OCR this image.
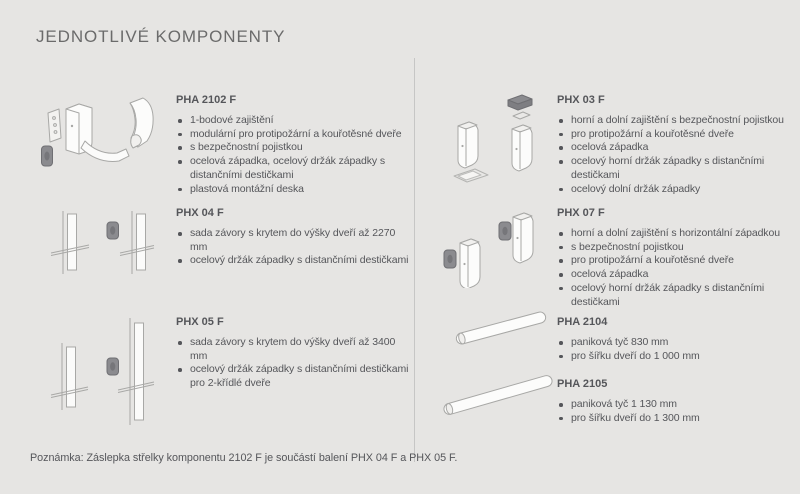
JEDNOTLIVÉ KOMPONENTY
PHA 2102 F
1-bodové zajištění
modulární pro protipožární a kouřotěsné dveře
s bezpečnostní pojistkou
ocelová západka, ocelový držák západky s distančními destičkami
plastová montážní deska
PHX 04 F
sada závory s krytem do výšky dveří až 2270 mm
ocelový držák západky s distančními destičkami
PHX 05 F
sada závory s krytem do výšky dveří až 3400 mm
ocelový držák západky s distančními destičkami pro 2-křídlé dveře
PHX 03 F
horní a dolní zajištění s bezpečnostní pojistkou
pro protipožární a kouřotěsné dveře
ocelová západka
ocelový horní držák západky s distančními destičkami
ocelový dolní držák západky
PHX 07 F
horní a dolní zajištění s horizontální západkou
s bezpečnostní pojistkou
pro protipožární a kouřotěsné dveře
ocelová západka
ocelový horní držák západky s distančními destičkami
PHA 2104
paniková tyč 830 mm
pro šířku dveří do 1 000 mm
PHA 2105
paniková tyč 1 130 mm
pro šířku dveří do 1 300 mm

Poznámka: Záslepka střelky komponentu 2102 F je součástí balení PHX 04 F a PHX 05 F.
